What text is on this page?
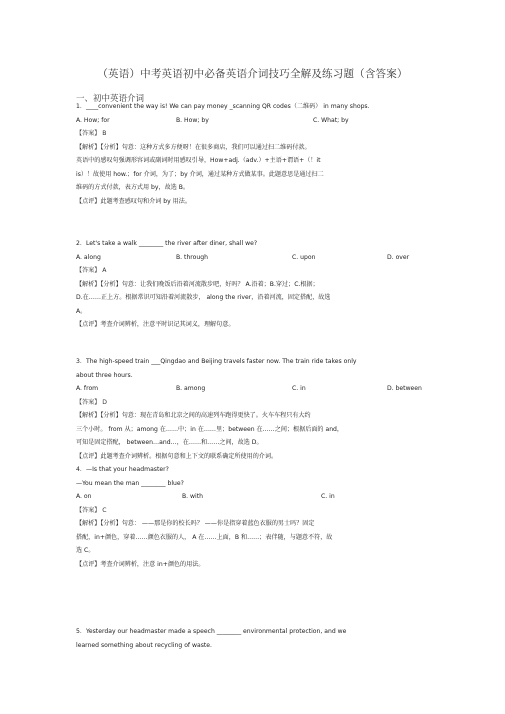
（英语）中考英语初中必备英语介词技巧全解及练习题（含答案）
一、初中英语介词
1．____convenient the way is! We can pay money _scanning QR codes（二维码） in many shops.
A. How; for	B. How; by	C. What; by
【答案】 B
【解析】【分析】句意：这种方式多方便呀！在很多商店，我们可以通过扫二维码付款。
英语中的感叹句强调形容词或副词时用感叹引导，How+adj.（adv.）+主语+谓语+（！it
is）！故使用 how.；for 介词，为了；by 介词，通过某种方式做某事。此题意思是通过扫二
维码的方式付款，表方式用 by，故选 B。
【点评】此题考查感叹句和介词 by 用法。
2．Let's take a walk ________ the river after diner, shall we?
A. along	B. through	C. upon	D. over
【答案】 A
【解析】【分析】句意：让我们晚饭后沿着河流散步吧，好吗？ A.沿着；B.穿过；C.根据；
D.在……正上方。根据常识可知沿着河流散步， along the river，沿着河流，固定搭配，故选
A。
【点评】考查介词辨析，注意平时识记其词义，理解句意。
3．The high-speed train ___Qingdao and Beijing travels faster now. The train ride takes only
about three hours.
A. from	B. among	C. in	D. between
【答案】 D
【解析】【分析】句意：现在青岛和北京之间的高速列车跑得更快了。火车车程只有大约
三个小时。 from 从；among 在……中；in 在……里；between 在……之间；根据后面的 and，
可知是固定搭配， between…and…，在……和……之间，故选 D。
【点评】此题考查介词辨析。根据句意和上下文的联系确定所使用的介词。
4．—Is that your headmaster?
—You mean the man ________ blue?
A. on	B. with	C. in
【答案】 C
【解析】【分析】句意： ——那是你的校长吗？ ——你是指穿着蓝色衣服的男士吗？固定
搭配，in+颜色，穿着……颜色衣服的人， A 在……上面，B 和……；表伴随，与题意不符，故
选 C。
【点评】考查介词辨析，注意 in+颜色的用法。
5．Yesterday our headmaster made a speech ________ environmental protection, and we
learned something about recycling of waste.
